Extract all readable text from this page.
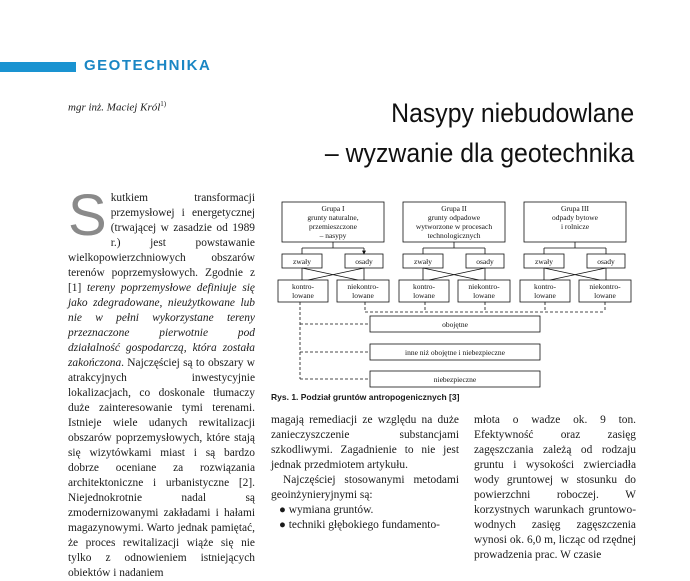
GEOTECHNIKA
mgr inż. Maciej Król$^{1)}$	Nasypy niebudowlane
– wyzwanie dla geotechnika

Skutkiem transformacji przemysłowej i energetycznej (trwającej w zasadzie od 1989 r.) jest powstawanie wielkopowierzchniowych obszarów terenów poprzemysłowych. Zgodnie z [1] tereny poprzemysłowe definiuje się jako zdegradowane, nieużytkowane lub nie w pełni wykorzystane tereny przeznaczone pierwotnie pod działalność gospodarczą, która została zakończona. Najczęściej są to obszary w atrakcyjnych inwestycyjnie lokalizacjach, co doskonale tłumaczy duże zainteresowanie tymi terenami. Istnieje wiele udanych rewitalizacji obszarów poprzemysłowych, które stają się wizytówkami miast i są bardzo dobrze oceniane za rozwiązania architektoniczne i urbanistyczne [2]. Niejednokrotnie nadal są zmodernizowanymi zakładami i hałami magazynowymi. Warto jednak pamiętać, że proces rewitalizacji wiąże się nie tylko z odnowieniem istniejących obiektów i nadaniem

Grupa I
grunty naturalne,
przemieszczone
– nasypy
Grupa II
grunty odpadowe
wytworzone w procesach
technologicznych
Grupa III
odpady bytowe
i rolnicze
zwały	osady	zwały	osady	zwały	osady
kontro-
lowane
niekontro-
lowane
kontro-
lowane
niekontro-
lowane
kontro-
lowane
niekontro-
lowane
obojętne
inne niż obojętne i niebezpieczne
niebezpieczne
Rys. 1. Podział gruntów antropogenicznych [3]

magają remediacji ze względu na duże zanieczyszczenie substancjami szkodliwymi. Zagadnienie to nie jest jednak przedmiotem artykułu.

Najczęściej stosowanymi metodami geoinżynieryjnymi są:

● wymiana gruntów.

● techniki głębokiego fundamento-

młota o wadze ok. 9 ton. Efektywność oraz zasięg zagęszczania zależą od rodzaju gruntu i wysokości zwierciadła wody gruntowej w stosunku do powierzchni roboczej. W korzystnych warunkach gruntowo-wodnych zasięg zagęszczenia wynosi ok. 6,0 m, licząc od rzędnej prowadzenia prac. W czasie
